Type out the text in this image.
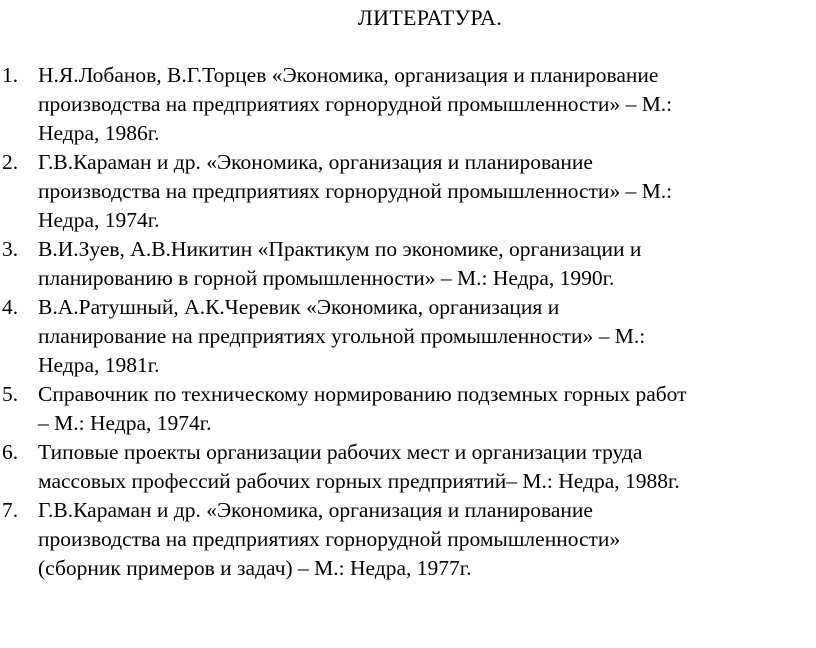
ЛИТЕРАТУРА.
1. Н.Я.Лобанов, В.Г.Торцев «Экономика, организация и планирование
производства на предприятиях горнорудной промышленности» – М.:
Недра, 1986г.
2. Г.В.Караман и др. «Экономика, организация и планирование
производства на предприятиях горнорудной промышленности» – М.:
Недра, 1974г.
3. В.И.Зуев, А.В.Никитин «Практикум по экономике, организации и
планированию в горной промышленности» – М.: Недра, 1990г.
4. В.А.Ратушный, А.К.Черевик «Экономика, организация и
планирование на предприятиях угольной промышленности» – М.:
Недра, 1981г.
5. Справочник по техническому нормированию подземных горных работ
– М.: Недра, 1974г.
6. Типовые проекты организации рабочих мест и организации труда
массовых профессий рабочих горных предприятий– М.: Недра, 1988г.
7. Г.В.Караман и др. «Экономика, организация и планирование
производства на предприятиях горнорудной промышленности»
(сборник примеров и задач) – М.: Недра, 1977г.
